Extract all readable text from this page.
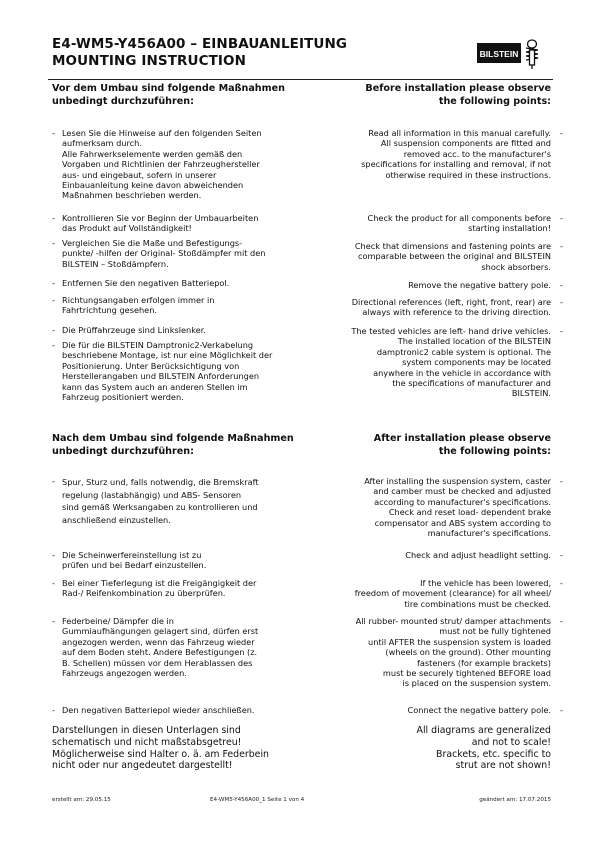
E4-WM5-Y456A00 – EINBAUANLEITUNG
MOUNTING INSTRUCTION	BILSTEIN
Vor dem Umbau sind folgende Maßnahmen
unbedingt durchzuführen:
Before installation please observe
the following points:
- Lesen Sie die Hinweise auf den folgenden Seiten
aufmerksam durch.
Alle Fahrwerkselemente werden gemäß den
Vorgaben und Richtlinien der Fahrzeughersteller
aus- und eingebaut, sofern in unserer
Einbauanleitung keine davon abweichenden
Maßnahmen beschrieben werden.
- Kontrollieren Sie vor Beginn der Umbauarbeiten
das Produkt auf Vollständigkeit!
- Vergleichen Sie die Maße und Befestigungs-
punkte/ -hilfen der Original- Stoßdämpfer mit den
BILSTEIN – Stoßdämpfern.
- Entfernen Sie den negativen Batteriepol.
- Richtungsangaben erfolgen immer in
Fahrtrichtung gesehen.
- Die Prüffahrzeuge sind Linkslenker.
- Die für die BILSTEIN Damptronic2-Verkabelung
beschriebene Montage, ist nur eine Möglichkeit der
Positionierung. Unter Berücksichtigung von
Herstellerangaben und BILSTEIN Anforderungen
kann das System auch an anderen Stellen im
Fahrzeug positioniert werden.
Read all information in this manual carefully.
All suspension components are fitted and
removed acc. to the manufacturer's
specifications for installing and removal, if not
otherwise required in these instructions.
-
Check the product for all components before
starting installation!
-
Check that dimensions and fastening points are
comparable between the original and BILSTEIN
shock absorbers.
-
Remove the negative battery pole. -
Directional references (left, right, front, rear) are
always with reference to the driving direction.
-
The tested vehicles are left- hand drive vehicles.
The installed location of the BILSTEIN
damptronic2 cable system is optional. The
system components may be located
anywhere in the vehicle in accordance with
the specifications of manufacturer and
BILSTEIN.
-
Nach dem Umbau sind folgende Maßnahmen
unbedingt durchzuführen:
After installation please observe
the following points:
- Spur, Sturz und, falls notwendig, die Bremskraft
regelung (lastabhängig) und ABS- Sensoren
sind gemäß Werksangaben zu kontrollieren und
anschließend einzustellen.
- Die Scheinwerfereinstellung ist zu
prüfen und bei Bedarf einzustellen.
- Bei einer Tieferlegung ist die Freigängigkeit der
Rad-/ Reifenkombination zu überprüfen.
- Federbeine/ Dämpfer die in
Gummiaufhängungen gelagert sind, dürfen erst
angezogen werden, wenn das Fahrzeug wieder
auf dem Boden steht. Andere Befestigungen (z.
B. Schellen) müssen vor dem Herablassen des
Fahrzeugs angezogen werden.
- Den negativen Batteriepol wieder anschließen.
After installing the suspension system, caster
and camber must be checked and adjusted
according to manufacturer's specifications.
Check and reset load- dependent brake
compensator and ABS system according to
manufacturer's specifications.
-
Check and adjust headlight setting. -
If the vehicle has been lowered,
freedom of movement (clearance) for all wheel/
tire combinations must be checked.
-
All rubber- mounted strut/ damper attachments
must not be fully tightened
until AFTER the suspension system is loaded
(wheels on the ground). Other mounting
fasteners (for example brackets)
must be securely tightened BEFORE load
is placed on the suspension system.
-
Connect the negative battery pole. -
Darstellungen in diesen Unterlagen sind
schematisch und nicht maßstabsgetreu!
Möglicherweise sind Halter o. ä. am Federbein
nicht oder nur angedeutet dargestellt!
All diagrams are generalized
and not to scale!
Brackets, etc. specific to
strut are not shown!
erstellt am: 29.05.15	E4-WM5-Y456A00_1 Seite 1 von 4	geändert am: 17.07.2015
